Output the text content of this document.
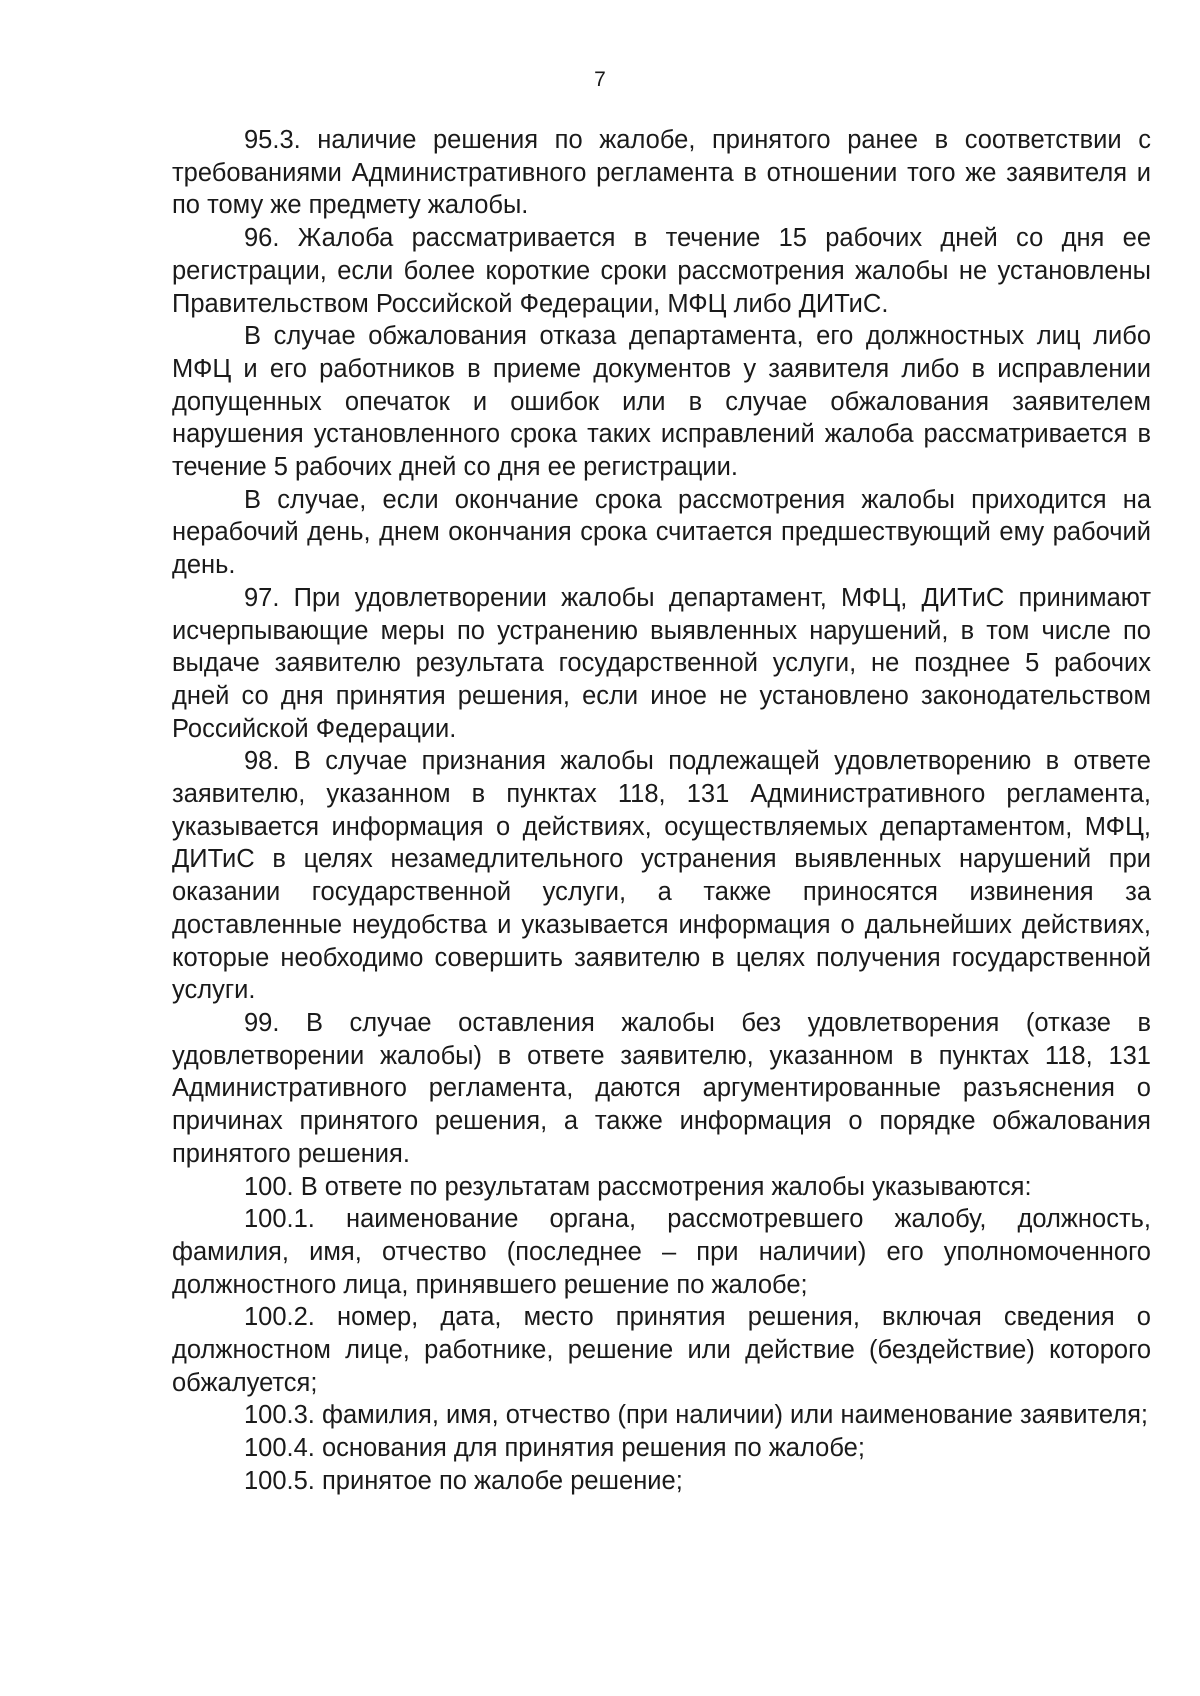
7

95.3. наличие решения по жалобе, принятого ранее в соответствии с требованиями Административного регламента в отношении того же заявителя и по тому же предмету жалобы.

96. Жалоба рассматривается в течение 15 рабочих дней со дня ее регистрации, если более короткие сроки рассмотрения жалобы не установлены Правительством Российской Федерации, МФЦ либо ДИТиС.

В случае обжалования отказа департамента, его должностных лиц либо МФЦ и его работников в приеме документов у заявителя либо в исправлении допущенных опечаток и ошибок или в случае обжалования заявителем нарушения установленного срока таких исправлений жалоба рассматривается в течение 5 рабочих дней со дня ее регистрации.

В случае, если окончание срока рассмотрения жалобы приходится на нерабочий день, днем окончания срока считается предшествующий ему рабочий день.

97. При удовлетворении жалобы департамент, МФЦ, ДИТиС принимают исчерпывающие меры по устранению выявленных нарушений, в том числе по выдаче заявителю результата государственной услуги, не позднее 5 рабочих дней со дня принятия решения, если иное не установлено законодательством Российской Федерации.

98. В случае признания жалобы подлежащей удовлетворению в ответе заявителю, указанном в пунктах 118, 131 Административного регламента, указывается информация о действиях, осуществляемых департаментом, МФЦ, ДИТиС в целях незамедлительного устранения выявленных нарушений при оказании государственной услуги, а также приносятся извинения за доставленные неудобства и указывается информация о дальнейших действиях, которые необходимо совершить заявителю в целях получения государственной услуги.

99. В случае оставления жалобы без удовлетворения (отказе в удовлетворении жалобы) в ответе заявителю, указанном в пунктах 118, 131 Административного регламента, даются аргументированные разъяснения о причинах принятого решения, а также информация о порядке обжалования принятого решения.

100. В ответе по результатам рассмотрения жалобы указываются:

100.1. наименование органа, рассмотревшего жалобу, должность, фамилия, имя, отчество (последнее – при наличии) его уполномоченного должностного лица, принявшего решение по жалобе;

100.2. номер, дата, место принятия решения, включая сведения о должностном лице, работнике, решение или действие (бездействие) которого обжалуется;

100.3. фамилия, имя, отчество (при наличии) или наименование заявителя;

100.4. основания для принятия решения по жалобе;

100.5. принятое по жалобе решение;
